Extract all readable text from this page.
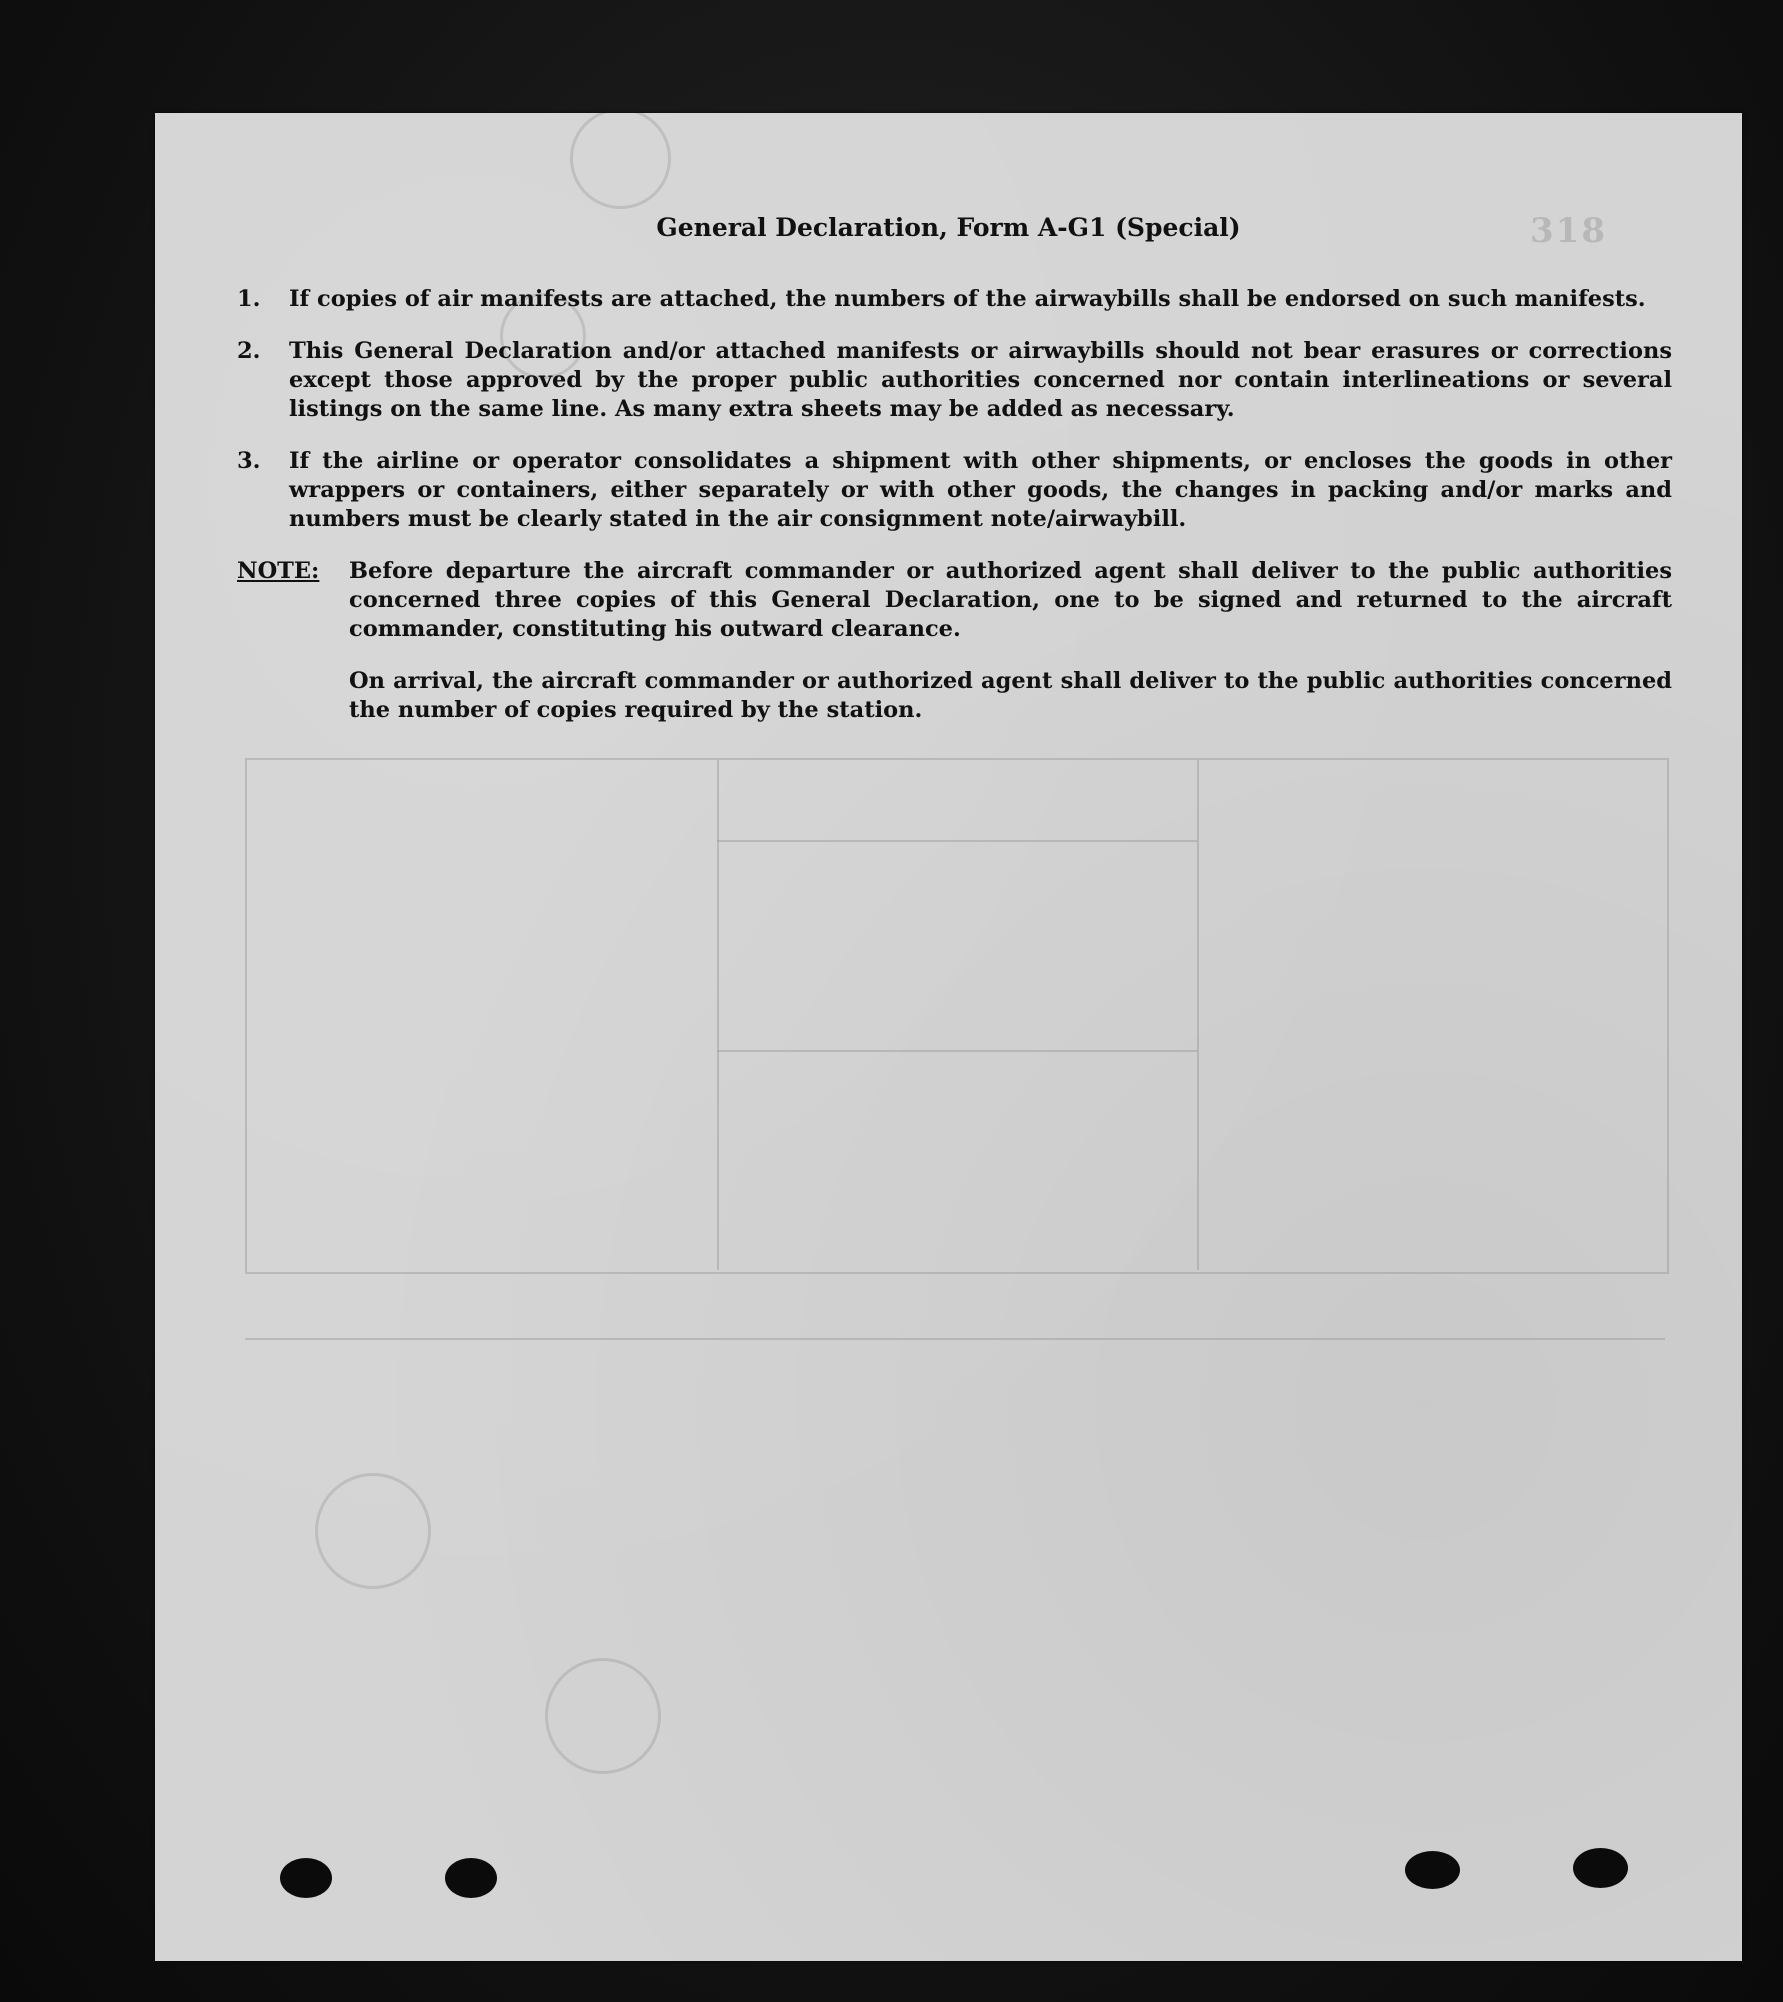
318
General Declaration, Form A-G1 (Special)
1.	If copies of air manifests are attached, the numbers of the airwaybills shall be endorsed on such manifests.
2.	This General Declaration and/or attached manifests or airwaybills should not bear erasures or corrections except those approved by the proper public authorities concerned nor contain interlineations or several listings on the same line. As many extra sheets may be added as necessary.
3.	If the airline or operator consolidates a shipment with other shipments, or encloses the goods in other wrappers or containers, either separately or with other goods, the changes in packing and/or marks and numbers must be clearly stated in the air consignment note/airwaybill.
NOTE:	Before departure the aircraft commander or authorized agent shall deliver to the public authorities concerned three copies of this General Declaration, one to be signed and returned to the aircraft commander, constituting his outward clearance.

On arrival, the aircraft commander or authorized agent shall deliver to the public authorities concerned the number of copies required by the station.
